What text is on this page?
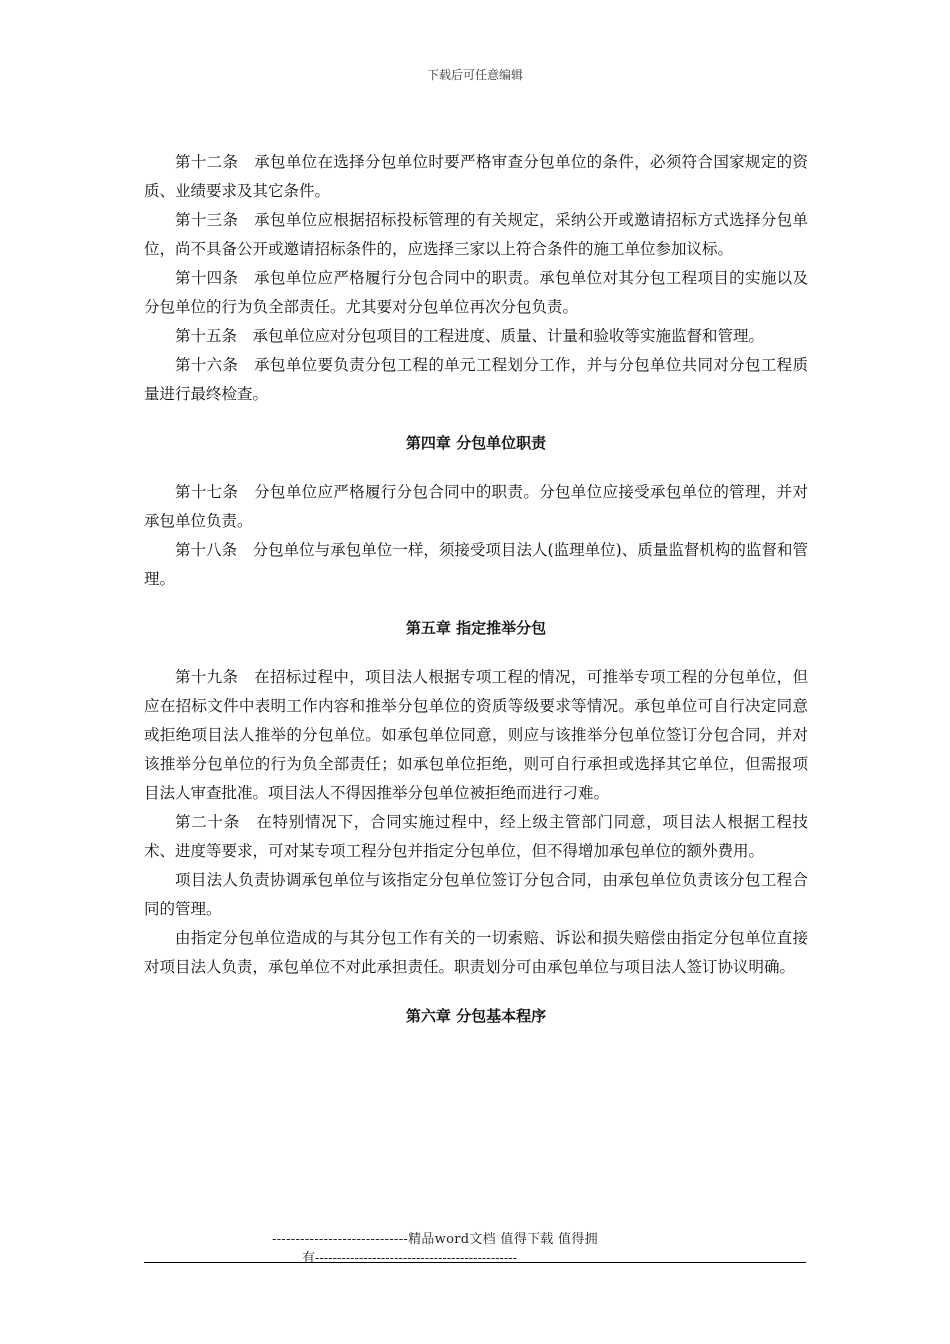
下载后可任意编辑

第十二条　承包单位在选择分包单位时要严格审查分包单位的条件，必须符合国家规定的资质、业绩要求及其它条件。

第十三条　承包单位应根据招标投标管理的有关规定，采纳公开或邀请招标方式选择分包单位，尚不具备公开或邀请招标条件的，应选择三家以上符合条件的施工单位参加议标。

第十四条　承包单位应严格履行分包合同中的职责。承包单位对其分包工程项目的实施以及分包单位的行为负全部责任。尤其要对分包单位再次分包负责。

第十五条　承包单位应对分包项目的工程进度、质量、计量和验收等实施监督和管理。

第十六条　承包单位要负责分包工程的单元工程划分工作，并与分包单位共同对分包工程质量进行最终检查。

第四章 分包单位职责

第十七条　分包单位应严格履行分包合同中的职责。分包单位应接受承包单位的管理，并对承包单位负责。

第十八条　分包单位与承包单位一样，须接受项目法人(监理单位)、质量监督机构的监督和管理。

第五章 指定推举分包

第十九条　在招标过程中，项目法人根据专项工程的情况，可推举专项工程的分包单位，但应在招标文件中表明工作内容和推举分包单位的资质等级要求等情况。承包单位可自行决定同意或拒绝项目法人推举的分包单位。如承包单位同意，则应与该推举分包单位签订分包合同，并对该推举分包单位的行为负全部责任；如承包单位拒绝，则可自行承担或选择其它单位，但需报项目法人审查批准。项目法人不得因推举分包单位被拒绝而进行刁难。

第二十条　在特别情况下，合同实施过程中，经上级主管部门同意，项目法人根据工程技术、进度等要求，可对某专项工程分包并指定分包单位，但不得增加承包单位的额外费用。

项目法人负责协调承包单位与该指定分包单位签订分包合同，由承包单位负责该分包工程合同的管理。

由指定分包单位造成的与其分包工作有关的一切索赔、诉讼和损失赔偿由指定分包单位直接对项目法人负责，承包单位不对此承担责任。职责划分可由承包单位与项目法人签订协议明确。

第六章 分包基本程序

-----------------------------精品word文档 值得下载 值得拥
有----------------------------------------------
